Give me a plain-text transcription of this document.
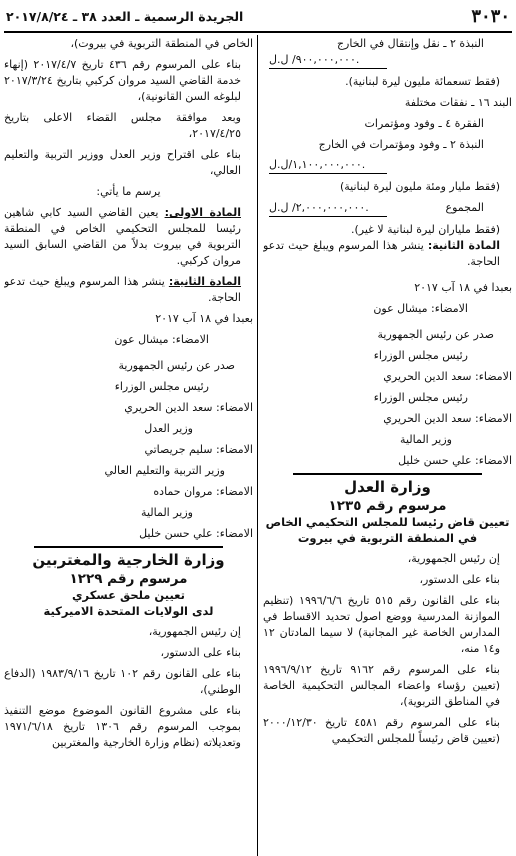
٣٠٣٠
الجريدة الرسمية ـ العدد ٣٨ ـ ٢٠١٧/٨/٢٤
النبذة ٢ ـ نقل وإنتقال في الخارج
٩٠٠,٠٠٠,٠٠٠/ ل.ل.
(فقط تسعمائة مليون ليرة لبنانية).
البند ١٦ ـ نفقات مختلفة
الفقرة ٤ ـ وفود ومؤتمرات
النبذة ٢ ـ وفود ومؤتمرات في الخارج
١,١٠٠,٠٠٠,٠٠٠/ل.ل.
(فقط مليار ومئة مليون ليرة لبنانية)
المجموع
٢,٠٠٠,٠٠٠,٠٠٠/ ل.ل.
(فقط ملياران ليرة لبنانية لا غير).
المادة الثانية: ينشر هذا المرسوم ويبلغ حيث تدعو الحاجة.
بعبدا في ١٨ آب ٢٠١٧
الامضاء: ميشال عون
صدر عن رئيس الجمهورية
رئيس مجلس الوزراء
الامضاء: سعد الدين الحريري
رئيس مجلس الوزراء
الامضاء: سعد الدين الحريري
وزير المالية
الامضاء: علي حسن خليل
وزارة العدل
مرسوم رقم ١٢٣٥
تعيين قاض رئيسا للمجلس التحكيمي الخاص
في المنطقة التربوية في بيروت
إن رئيس الجمهورية،
بناء على الدستور،
بناء على القانون رقم ٥١٥ تاريخ ١٩٩٦/٦/٦ (تنظيم الموازنة المدرسية ووضع اصول تحديد الاقساط في المدارس الخاصة غير المجانية) لا سيما المادتان ١٢ و١٤ منه،
بناء على المرسوم رقم ٩١٦٢ تاريخ ١٩٩٦/٩/١٢ (تعيين رؤساء واعضاء المجالس التحكيمية الخاصة في المناطق التربوية)،
بناء على المرسوم رقم ٤٥٨١ تاريخ ٢٠٠٠/١٢/٣٠ (تعيين قاض رئيساً للمجلس التحكيمي
الخاص في المنطقة التربوية في بيروت)،
بناء على المرسوم رقم ٤٣٦ تاريخ ٢٠١٧/٤/٧ (إنهاء خدمة القاضي السيد مروان كركبي بتاريخ ٢٠١٧/٣/٢٤ لبلوغه السن القانونية)،
وبعد موافقة مجلس القضاء الاعلى بتاريخ ٢٠١٧/٤/٢٥،
بناء على اقتراح وزير العدل ووزير التربية والتعليم العالي،
يرسم ما يأتي:
المادة الاولى: يعين القاضي السيد كابي شاهين رئيسا للمجلس التحكيمي الخاص في المنطقة التربوية في بيروت بدلاً من القاضي السابق السيد مروان كركبي.
المادة الثانية: ينشر هذا المرسوم ويبلغ حيث تدعو الحاجة.
بعبدا في ١٨ آب ٢٠١٧
الامضاء: ميشال عون
صدر عن رئيس الجمهورية
رئيس مجلس الوزراء
الامضاء: سعد الدين الحريري
وزير العدل
الامضاء: سليم جريصاتي
وزير التربية والتعليم العالي
الامضاء: مروان حماده
وزير المالية
الامضاء: علي حسن خليل
وزارة الخارجية والمغتربين
مرسوم رقم ١٢٢٩
تعيين ملحق عسكري
لدى الولايات المتحدة الاميركية
إن رئيس الجمهورية،
بناء على الدستور،
بناء على القانون رقم ١٠٢ تاريخ ١٩٨٣/٩/١٦ (الدفاع الوطني)،
بناء على مشروع القانون الموضوع موضع التنفيذ بموجب المرسوم رقم ١٣٠٦ تاريخ ١٩٧١/٦/١٨ وتعديلاته (نظام وزارة الخارجية والمغتربين
